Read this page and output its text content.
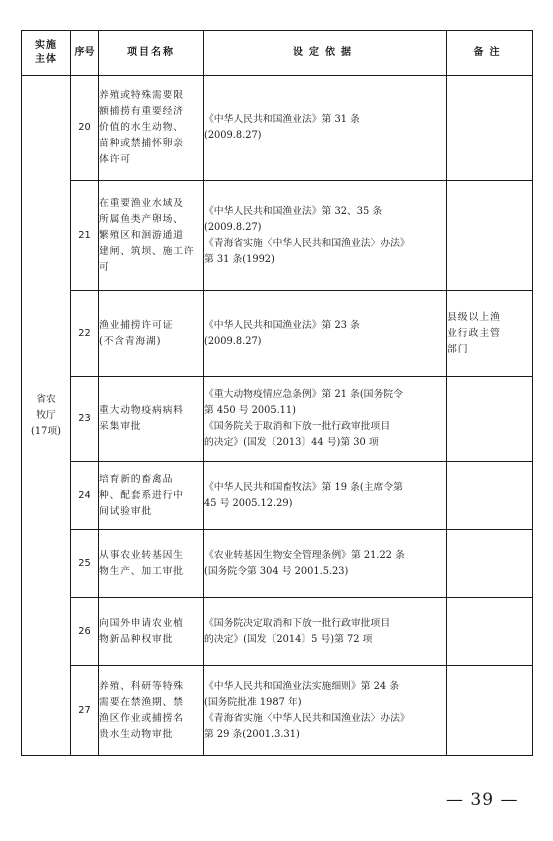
实施
主体	序号	项目名称	设定依据	备注

省农
牧厅
(17项)	20	养殖或特殊需要限
额捕捞有重要经济
价值的水生动物、
苗种或禁捕怀卵亲
体许可	《中华人民共和国渔业法》第 31 条
(2009.8.27)	

	21	在重要渔业水域及
所属鱼类产卵场、
繁殖区和洄游通道
建闸、筑坝、施工许
可	《中华人民共和国渔业法》第 32、35 条
(2009.8.27)
《青海省实施〈中华人民共和国渔业法〉办法》
第 31 条(1992)	

	22	渔业捕捞许可证
(不含青海湖)	《中华人民共和国渔业法》第 23 条
(2009.8.27)	县级以上渔
业行政主管
部门

	23	重大动物疫病病料
采集审批	《重大动物疫情应急条例》第 21 条(国务院令
第 450 号 2005.11)
《国务院关于取消和下放一批行政审批项目
的决定》(国发〔2013〕44 号)第 30 项	

	24	培育新的畜禽品
种、配套系进行中
间试验审批	《中华人民共和国畜牧法》第 19 条(主席令第
45 号 2005.12.29)	

	25	从事农业转基因生
物生产、加工审批	《农业转基因生物安全管理条例》第 21.22 条
(国务院令第 304 号 2001.5.23)	

	26	向国外申请农业植
物新品种权审批	《国务院决定取消和下放一批行政审批项目
的决定》(国发〔2014〕5 号)第 72 项	

	27	养殖、科研等特殊
需要在禁渔期、禁
渔区作业或捕捞名
贵水生动物审批	《中华人民共和国渔业法实施细则》第 24 条
(国务院批准 1987 年)
《青海省实施〈中华人民共和国渔业法〉办法》
第 29 条(2001.3.31)	

— 39 —
